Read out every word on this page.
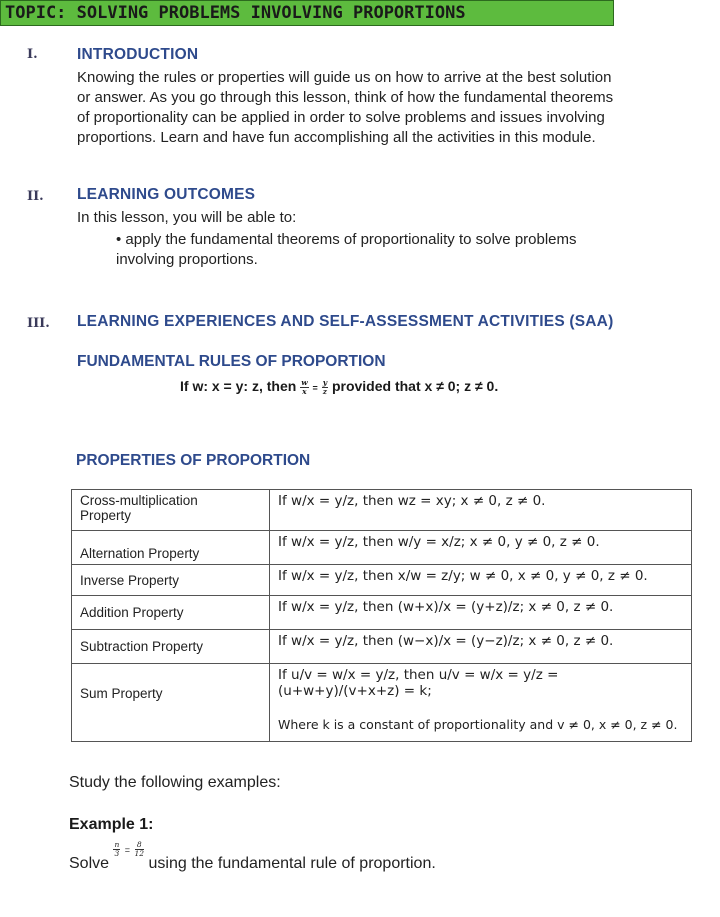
TOPIC: SOLVING PROBLEMS INVOLVING PROPORTIONS
I.	INTRODUCTION
Knowing the rules or properties will guide us on how to arrive at the best solution
or answer. As you go through this lesson, think of how the fundamental theorems
of proportionality can be applied in order to solve problems and issues involving
proportions. Learn and have fun accomplishing all the activities in this module.
II. LEARNING OUTCOMES
In this lesson, you will be able to:
• apply the fundamental theorems of proportionality to solve problems
involving proportions.
III. LEARNING EXPERIENCES AND SELF-ASSESSMENT ACTIVITIES (SAA)
FUNDAMENTAL RULES OF PROPORTION
If w: x = y: z, then $\frac{w}{x} = \frac{y}{z}$ provided that x ≠ 0; z ≠ 0.
PROPERTIES OF PROPORTION
Cross-multiplication
Property	If w/x = y/z, then wz = xy; x ≠ 0, z ≠ 0.
Alternation Property	If w/x = y/z, then w/y = x/z; x ≠ 0, y ≠ 0, z ≠ 0.
Inverse Property	If w/x = y/z, then x/w = z/y; w ≠ 0, x ≠ 0, y ≠ 0, z ≠ 0.
Addition Property	If w/x = y/z, then (w+x)/x = (y+z)/z; x ≠ 0, z ≠ 0.
Subtraction Property	If w/x = y/z, then (w−x)/x = (y−z)/z; x ≠ 0, z ≠ 0.
Sum Property	If u/v = w/x = y/z, then u/v = w/x = y/z = (u+w+y)/(v+x+z) = k;
Where k is a constant of proportionality and v ≠ 0, x ≠ 0, z ≠ 0.
Study the following examples:
Example 1:
Solve
$\frac{n}{3} ^= \frac{8}{12}$
using the fundamental rule of proportion.
